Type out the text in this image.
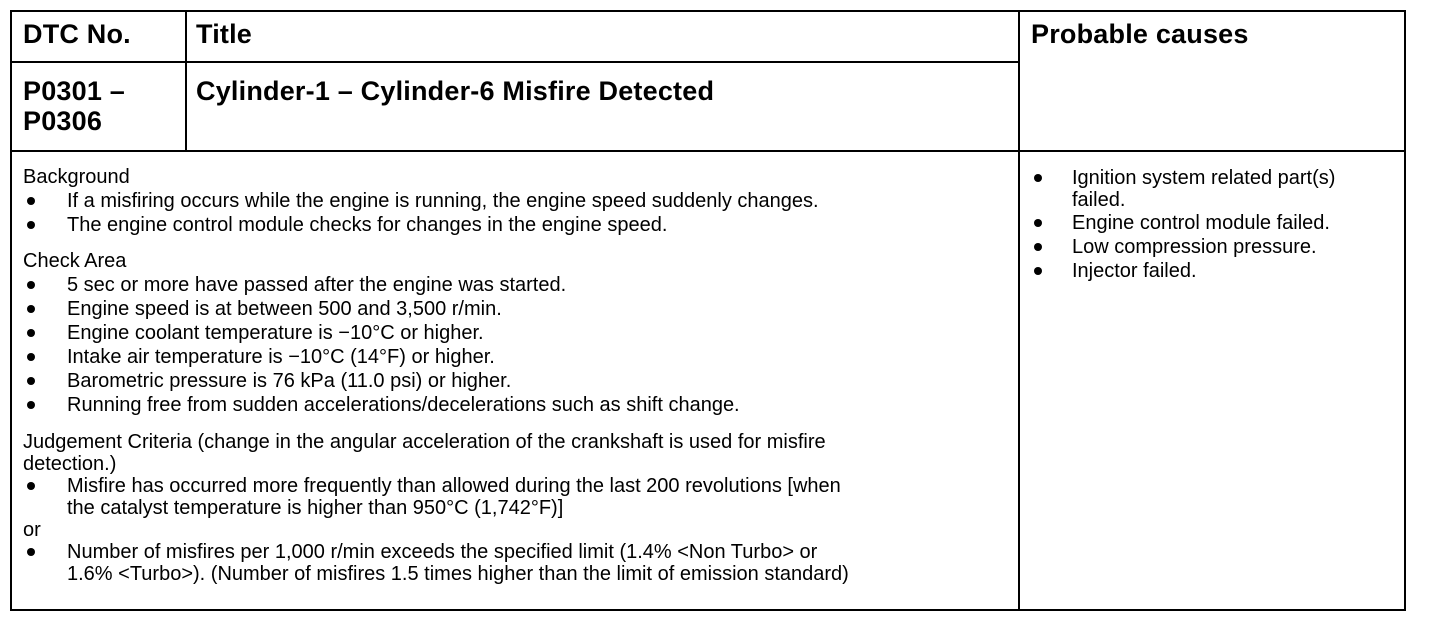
DTC No. Title	Probable causes
P0301 –
P0306
Cylinder-1 – Cylinder-6 Misfire Detected
Background
If a misfiring occurs while the engine is running, the engine speed suddenly changes.
The engine control module checks for changes in the engine speed.
Check Area
5 sec or more have passed after the engine was started.
Engine speed is at between 500 and 3,500 r/min.
Engine coolant temperature is −10°C or higher.
Intake air temperature is −10°C (14°F) or higher.
Barometric pressure is 76 kPa (11.0 psi) or higher.
Running free from sudden accelerations/decelerations such as shift change.
Judgement Criteria (change in the angular acceleration of the crankshaft is used for misfire
detection.)
Misfire has occurred more frequently than allowed during the last 200 revolutions [when
the catalyst temperature is higher than 950°C (1,742°F)]
or
Number of misfires per 1,000 r/min exceeds the specified limit (1.4% <Non Turbo> or
1.6% <Turbo>). (Number of misfires 1.5 times higher than the limit of emission standard)
Ignition system related part(s)
failed.
Engine control module failed.
Low compression pressure.
Injector failed.
